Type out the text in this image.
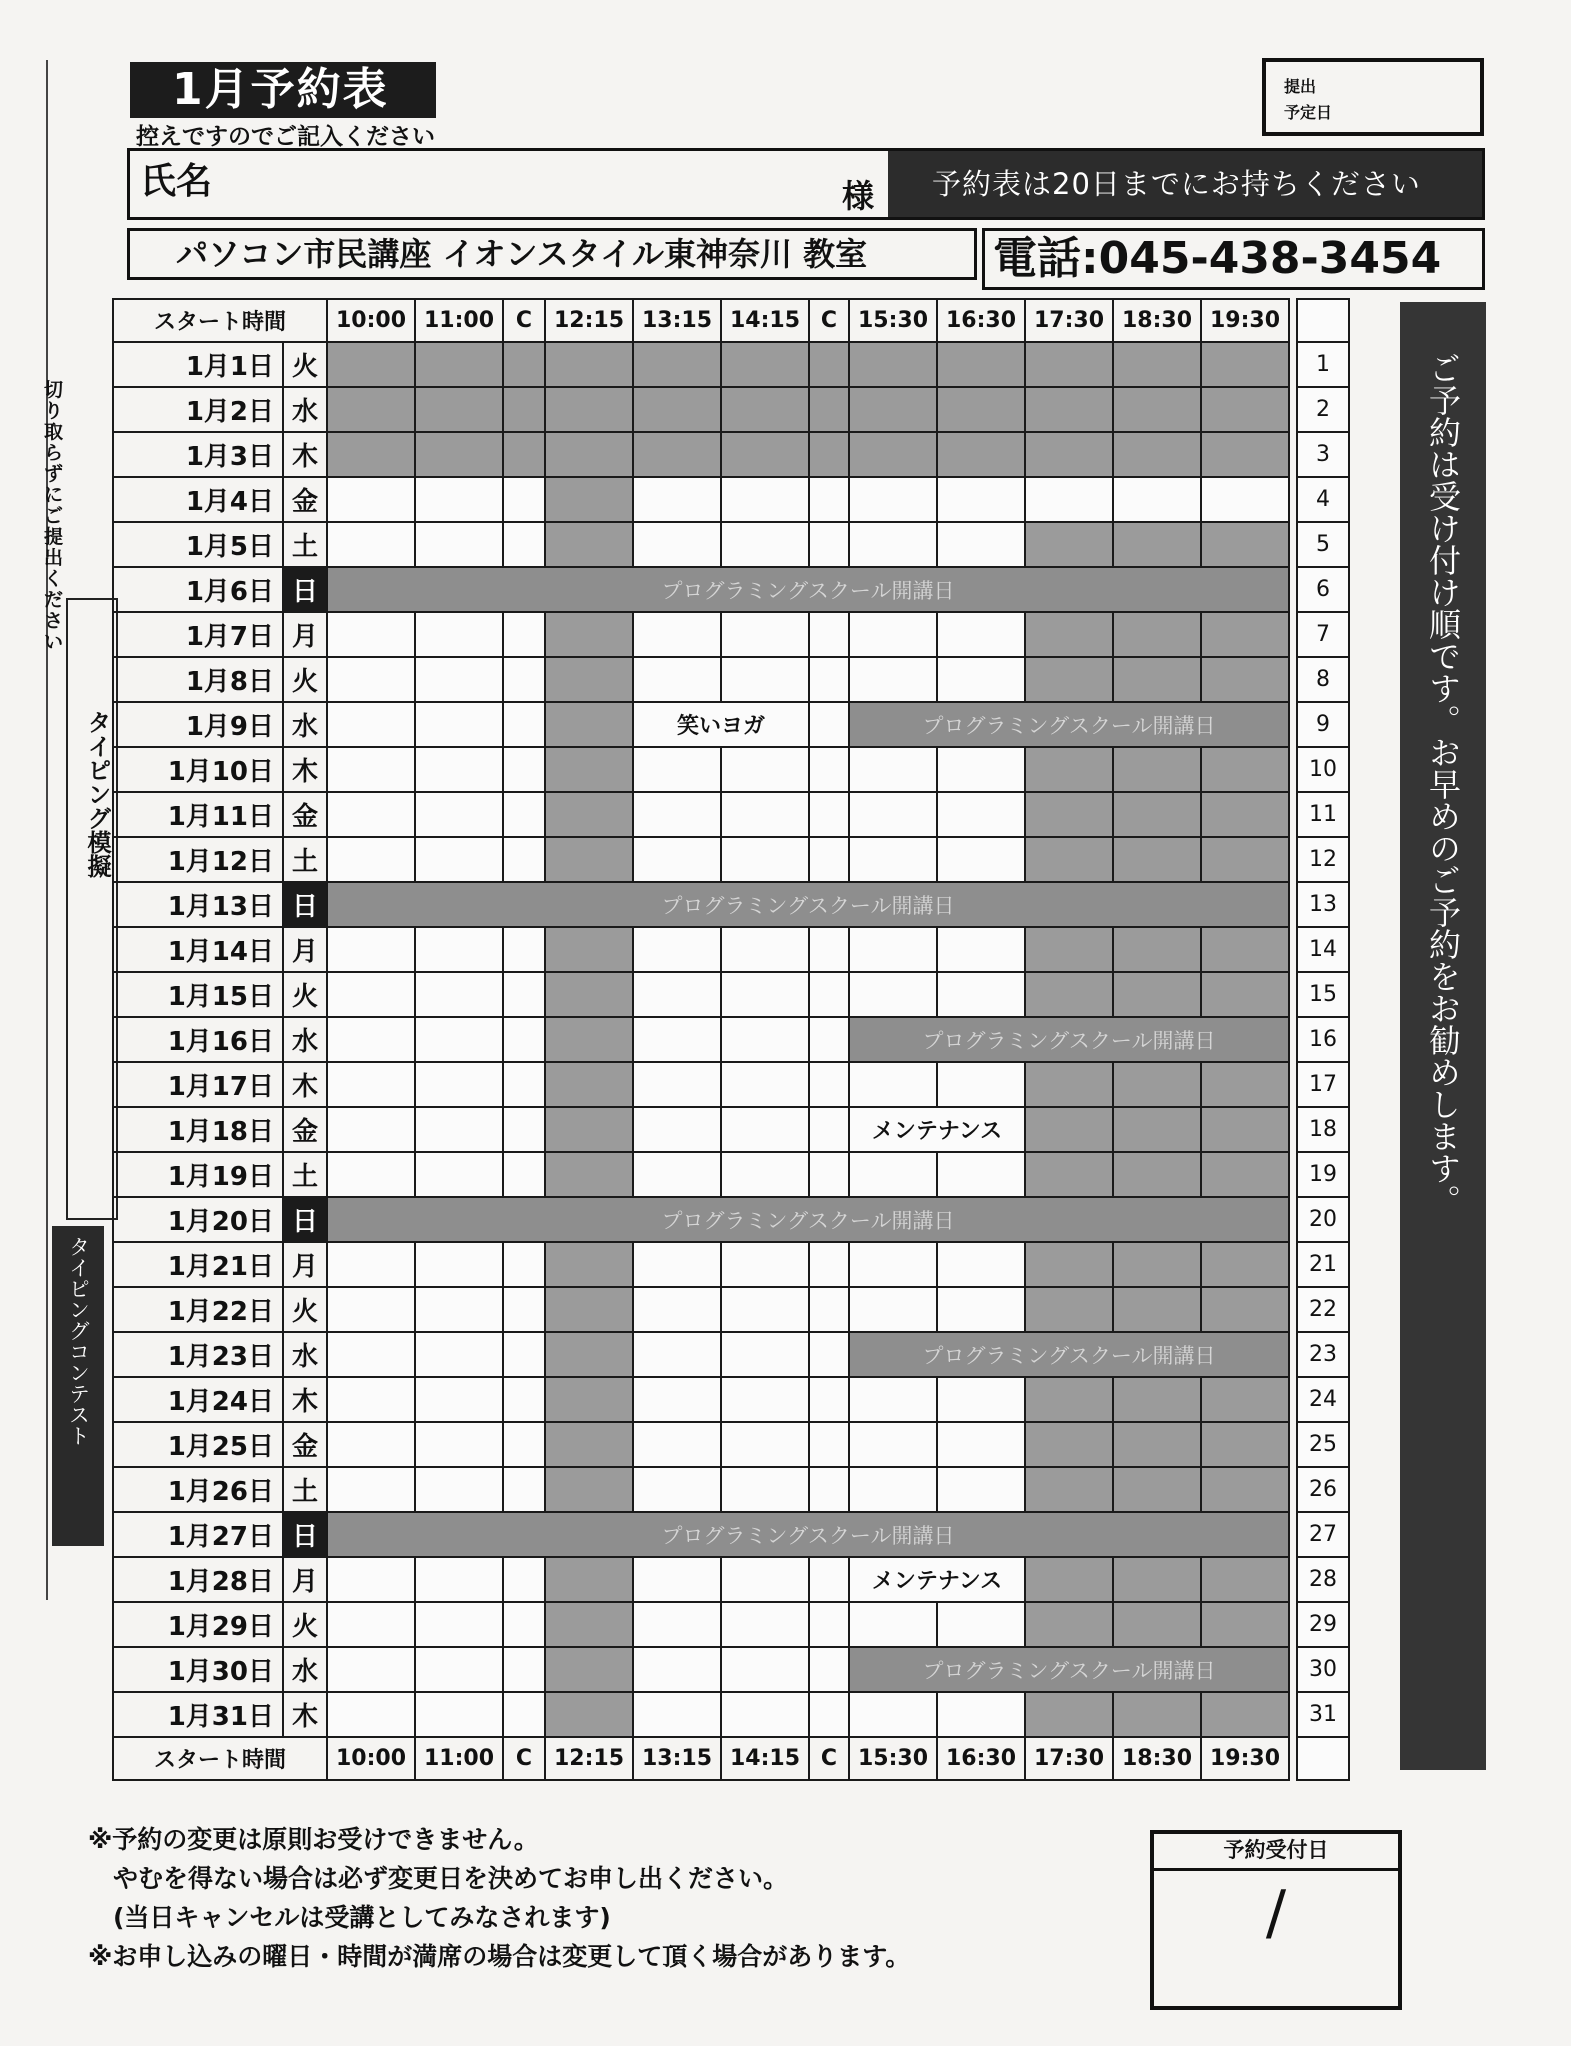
1月予約表
控えですのでご記入ください
提出
予定日
氏名	様	予約表は20日までにお持ちください
パソコン市民講座 イオンスタイル東神奈川 教室	電話:045-438-3454
切り取らずにご提出ください
タイピング模擬
タイピングコンテスト
ご予約は受け付け順です。お早めのご予約をお勧めします。
スタート時間		10:00	11:00	C	12:15	13:15	14:15	C	15:30	16:30	17:30	18:30	19:30		
1月1日	火														1
1月2日	水														2
1月3日	木														3
1月4日	金														4
1月5日	土														5
1月6日	日	プログラミングスクール開講日													6
1月7日	月														7
1月8日	火														8
1月9日	水					笑いヨガ			プログラミングスクール開講日						9
1月10日	木														10
1月11日	金														11
1月12日	土														12
1月13日	日	プログラミングスクール開講日													13
1月14日	月														14
1月15日	火														15
1月16日	水								プログラミングスクール開講日						16
1月17日	木														17
1月18日	金								メンテナンス						18
1月19日	土														19
1月20日	日	プログラミングスクール開講日													20
1月21日	月														21
1月22日	火														22
1月23日	水								プログラミングスクール開講日						23
1月24日	木														24
1月25日	金														25
1月26日	土														26
1月27日	日	プログラミングスクール開講日													27
1月28日	月								メンテナンス						28
1月29日	火														29
1月30日	水								プログラミングスクール開講日						30
1月31日	木														31
スタート時間		10:00	11:00	C	12:15	13:15	14:15	C	15:30	16:30	17:30	18:30	19:30		
※予約の変更は原則お受けできません。
　やむを得ない場合は必ず変更日を決めてお申し出ください。
　(当日キャンセルは受講としてみなされます)
※お申し込みの曜日・時間が満席の場合は変更して頂く場合があります。
予約受付日
/
